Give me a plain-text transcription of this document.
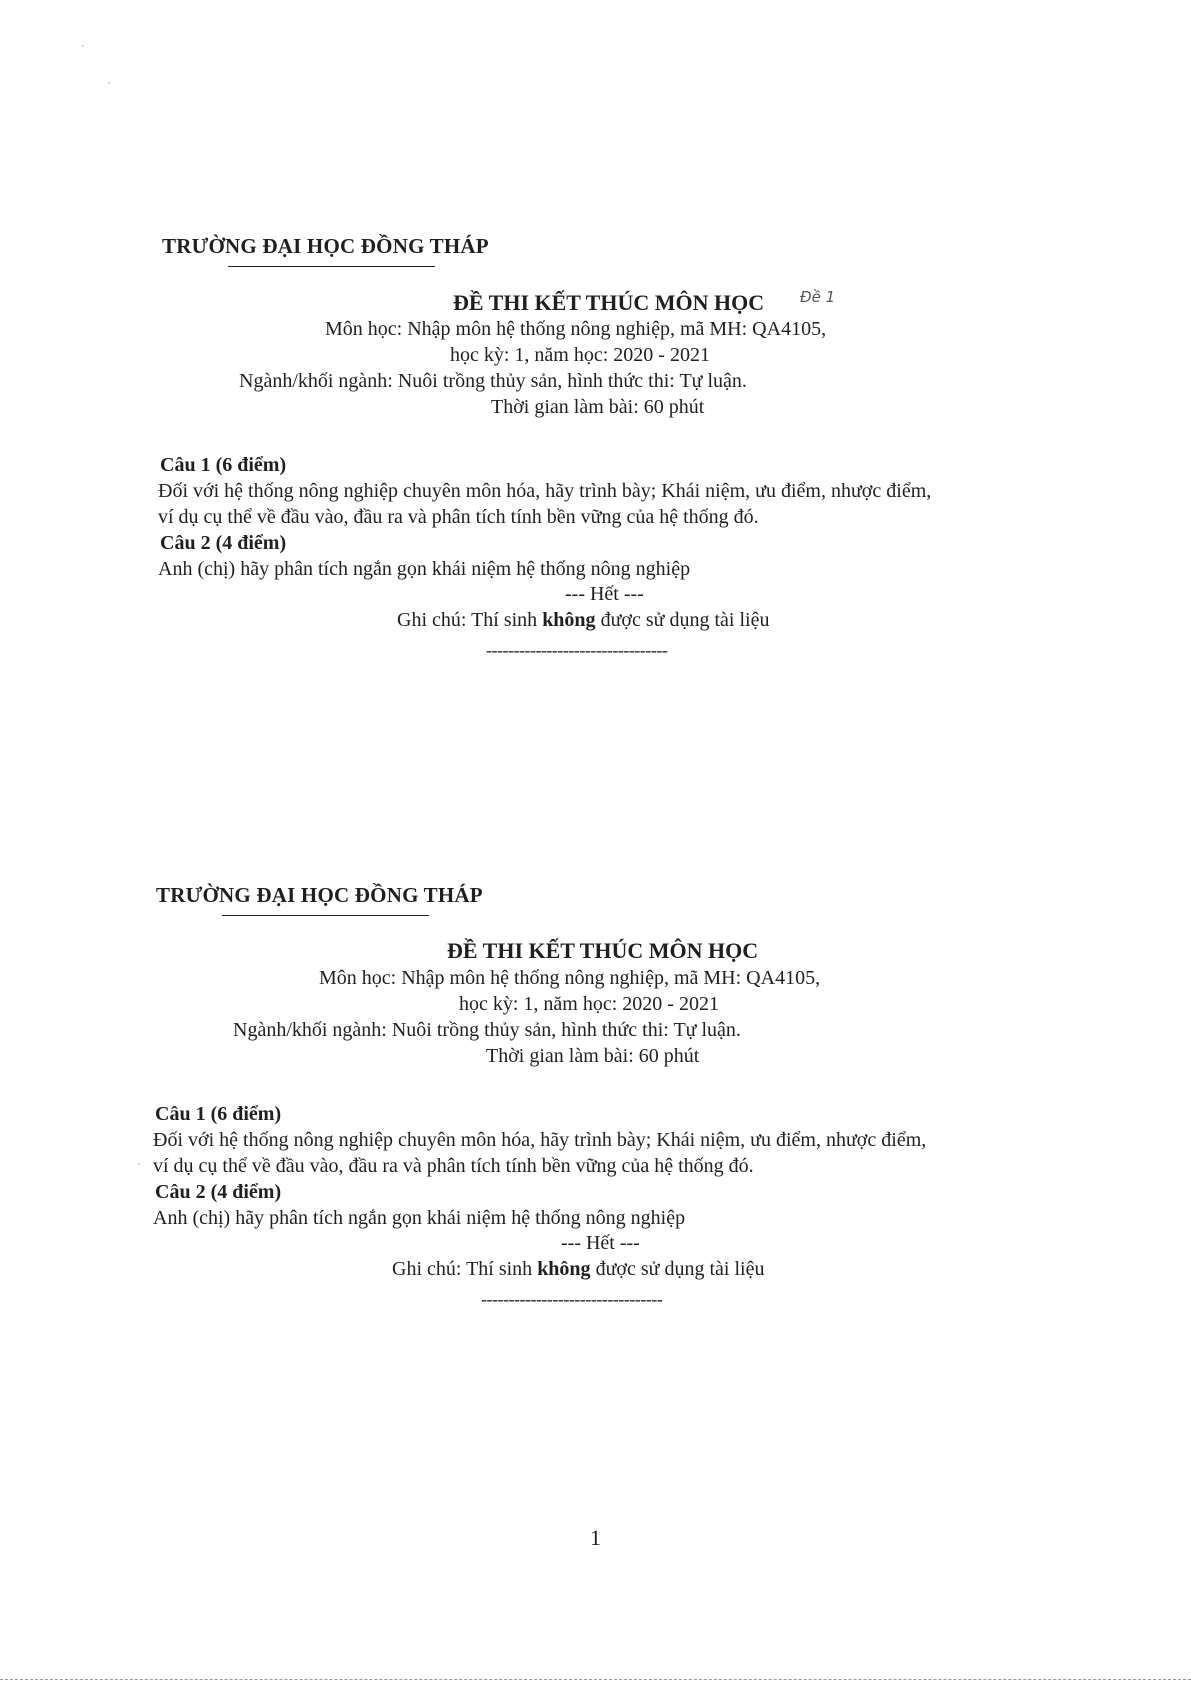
TRƯỜNG ĐẠI HỌC ĐỒNG THÁP
ĐỀ THI KẾT THÚC MÔN HỌC Đề 1
Môn học: Nhập môn hệ thống nông nghiệp, mã MH: QA4105,
học kỳ: 1, năm học: 2020 - 2021
Ngành/khối ngành: Nuôi trồng thủy sản, hình thức thi: Tự luận.
Thời gian làm bài: 60 phút
Câu 1 (6 điểm)
Đối với hệ thống nông nghiệp chuyên môn hóa, hãy trình bày; Khái niệm, ưu điểm, nhược điểm,
ví dụ cụ thể về đầu vào, đầu ra và phân tích tính bền vững của hệ thống đó.
Câu 2 (4 điểm)
Anh (chị) hãy phân tích ngắn gọn khái niệm hệ thống nông nghiệp
--- Hết ---
Ghi chú: Thí sinh không được sử dụng tài liệu
---------------------------------
TRƯỜNG ĐẠI HỌC ĐỒNG THÁP
ĐỀ THI KẾT THÚC MÔN HỌC
Môn học: Nhập môn hệ thống nông nghiệp, mã MH: QA4105,
học kỳ: 1, năm học: 2020 - 2021
Ngành/khối ngành: Nuôi trồng thủy sản, hình thức thi: Tự luận.
Thời gian làm bài: 60 phút
Câu 1 (6 điểm)
Đối với hệ thống nông nghiệp chuyên môn hóa, hãy trình bày; Khái niệm, ưu điểm, nhược điểm,
ví dụ cụ thể về đầu vào, đầu ra và phân tích tính bền vững của hệ thống đó.
Câu 2 (4 điểm)
Anh (chị) hãy phân tích ngắn gọn khái niệm hệ thống nông nghiệp
--- Hết ---
Ghi chú: Thí sinh không được sử dụng tài liệu
---------------------------------
1
